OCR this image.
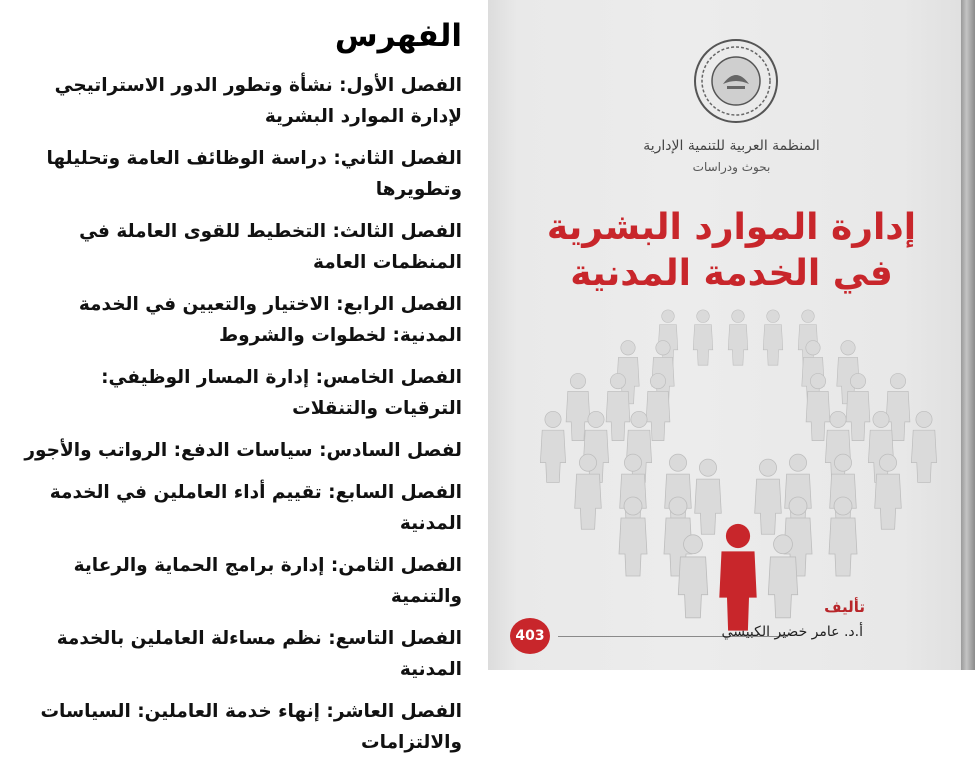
الفهرس

الفصل الأول: نشأة وتطور الدور الاستراتيجي لإدارة الموارد البشرية

الفصل الثاني: دراسة الوظائف العامة وتحليلها وتطويرها

الفصل الثالث: التخطيط للقوى العاملة في المنظمات العامة

الفصل الرابع: الاختيار والتعيين في الخدمة المدنية: لخطوات والشروط

الفصل الخامس: إدارة المسار الوظيفي: الترقيات والتنقلات

لفصل السادس: سياسات الدفع: الرواتب والأجور

الفصل السابع: تقييم أداء العاملين في الخدمة المدنية

الفصل الثامن: إدارة برامج الحماية والرعاية والتنمية

الفصل التاسع: نظم مساءلة العاملين بالخدمة المدنية

الفصل العاشر: إنهاء خدمة العاملين: السياسات والالتزامات

المنظمة العربية للتنمية الإدارية
بحوث ودراسات
إدارة الموارد البشرية
في الخدمة المدنية
تأليف
أ.د. عامر خضير الكبيسي
403
